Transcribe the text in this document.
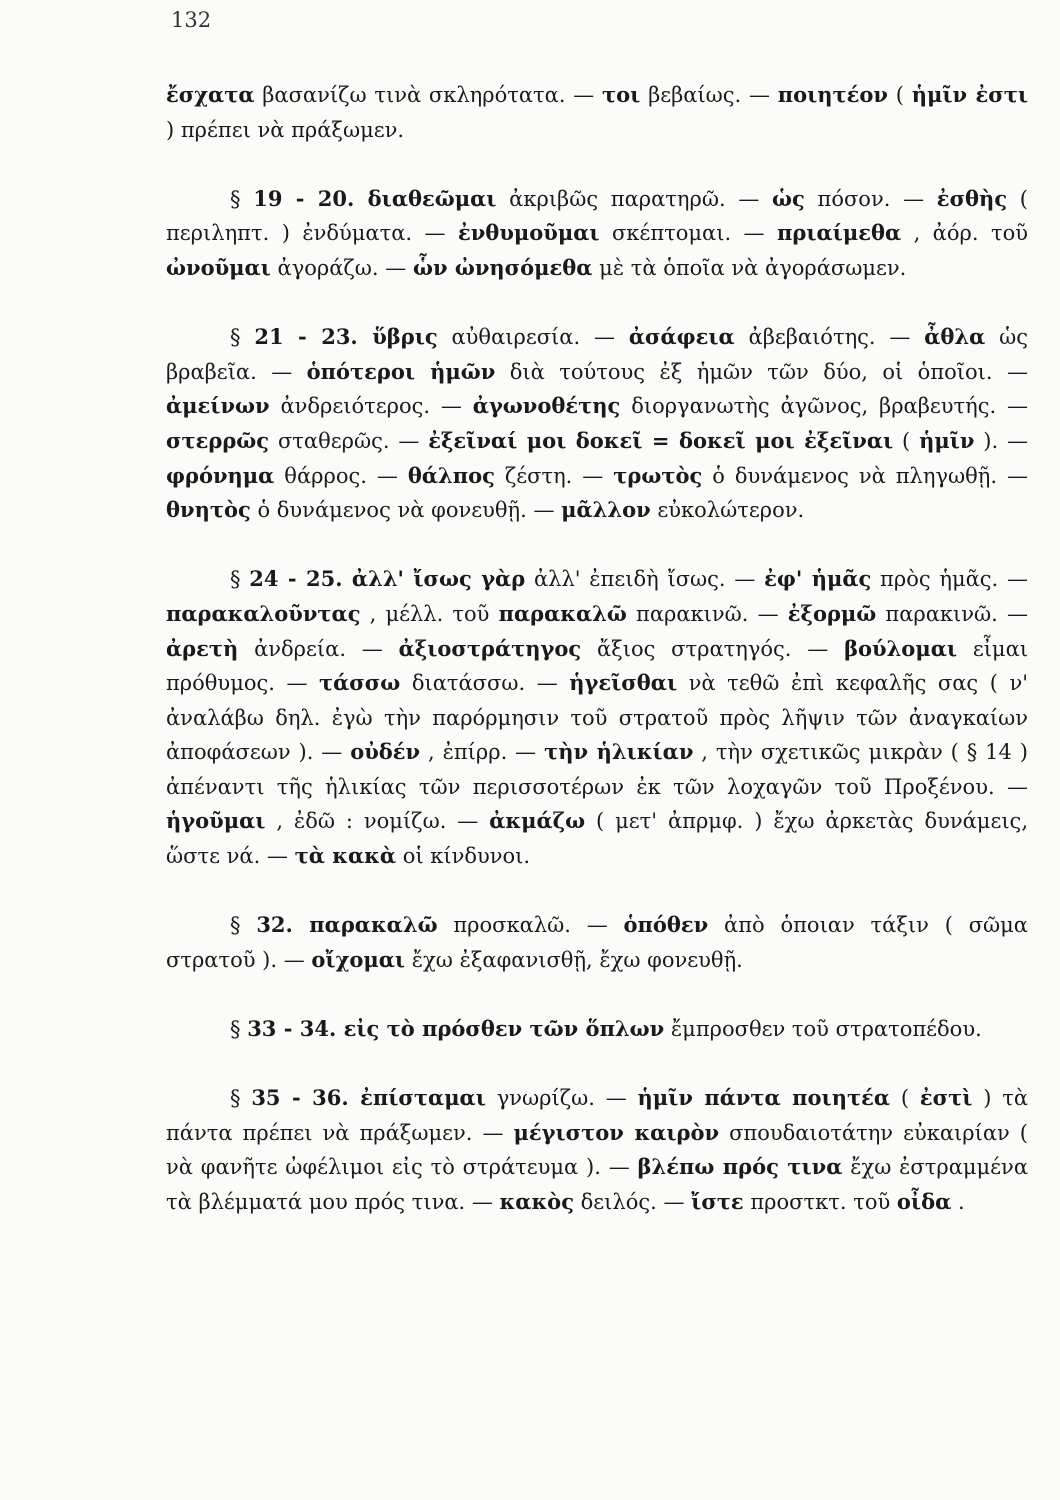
132

ἔσχατα βασανίζω τινὰ σκληρότατα. — τοι βεβαίως. — ποιητέον ( ἡμῖν ἐστι ) πρέπει νὰ πράξωμεν.

§ 19 - 20. διαθεῶμαι ἀκριβῶς παρατηρῶ. — ὡς πόσον. — ἐσθὴς ( περιληπτ. ) ἐνδύματα. — ἐνθυμοῦμαι σκέπτομαι. — πριαίμεθα , ἀόρ. τοῦ ὠνοῦμαι ἀγοράζω. — ὧν ὠνησόμεθα μὲ τὰ ὁποῖα νὰ ἀγοράσωμεν.

§ 21 - 23. ὕβρις αὐθαιρεσία. — ἀσάφεια ἀβεβαιότης. — ἆθλα ὡς βραβεῖα. — ὁπότεροι ἡμῶν διὰ τούτους ἐξ ἡμῶν τῶν δύο, οἱ ὁποῖοι. — ἀμείνων ἀνδρειότερος. — ἀγωνοθέτης διοργανωτὴς ἀγῶνος, βραβευτής. — στερρῶς σταθερῶς. — ἐξεῖναί μοι δοκεῖ = δοκεῖ μοι ἐξεῖναι ( ἡμῖν ). — φρόνημα θάρρος. — θάλπος ζέστη. — τρωτὸς ὁ δυνάμενος νὰ πληγωθῇ. — θνητὸς ὁ δυνάμενος νὰ φονευθῇ. — μᾶλλον εὐκολώτερον.

§ 24 - 25. ἀλλ' ἴσως γὰρ ἀλλ' ἐπειδὴ ἴσως. — ἐφ' ἡμᾶς πρὸς ἡμᾶς. — παρακαλοῦντας , μέλλ. τοῦ παρακαλῶ παρακινῶ. — ἐξορμῶ παρακινῶ. — ἀρετὴ ἀνδρεία. — ἀξιοστράτηγος ἄξιος στρατηγός. — βούλομαι εἶμαι πρόθυμος. — τάσσω διατάσσω. — ἡγεῖσθαι νὰ τεθῶ ἐπὶ κεφαλῆς σας ( ν' ἀναλάβω δηλ. ἐγὼ τὴν παρόρμησιν τοῦ στρατοῦ πρὸς λῆψιν τῶν ἀναγκαίων ἀποφάσεων ). — οὐδέν , ἐπίρρ. — τὴν ἡλικίαν , τὴν σχετικῶς μικρὰν ( § 14 ) ἀπέναντι τῆς ἡλικίας τῶν περισσοτέρων ἐκ τῶν λοχαγῶν τοῦ Προξένου. — ἡγοῦμαι , ἐδῶ : νομίζω. — ἀκμάζω ( μετ' ἀπρμφ. ) ἔχω ἀρκετὰς δυνάμεις, ὥστε νά. — τὰ κακὰ οἱ κίνδυνοι.

§ 32. παρακαλῶ προσκαλῶ. — ὁπόθεν ἀπὸ ὁποιαν τάξιν ( σῶμα στρατοῦ ). — οἴχομαι ἔχω ἐξαφανισθῇ, ἔχω φονευθῇ.

§ 33 - 34. εἰς τὸ πρόσθεν τῶν ὅπλων ἔμπροσθεν τοῦ στρατοπέδου.

§ 35 - 36. ἐπίσταμαι γνωρίζω. — ἡμῖν πάντα ποιητέα ( ἐστὶ ) τὰ πάντα πρέπει νὰ πράξωμεν. — μέγιστον καιρὸν σπουδαιοτάτην εὐκαιρίαν ( νὰ φανῆτε ὠφέλιμοι εἰς τὸ στράτευμα ). — βλέπω πρός τινα ἔχω ἐστραμμένα τὰ βλέμματά μου πρός τινα. — κακὸς δειλός. — ἴστε προστκτ. τοῦ οἶδα .
